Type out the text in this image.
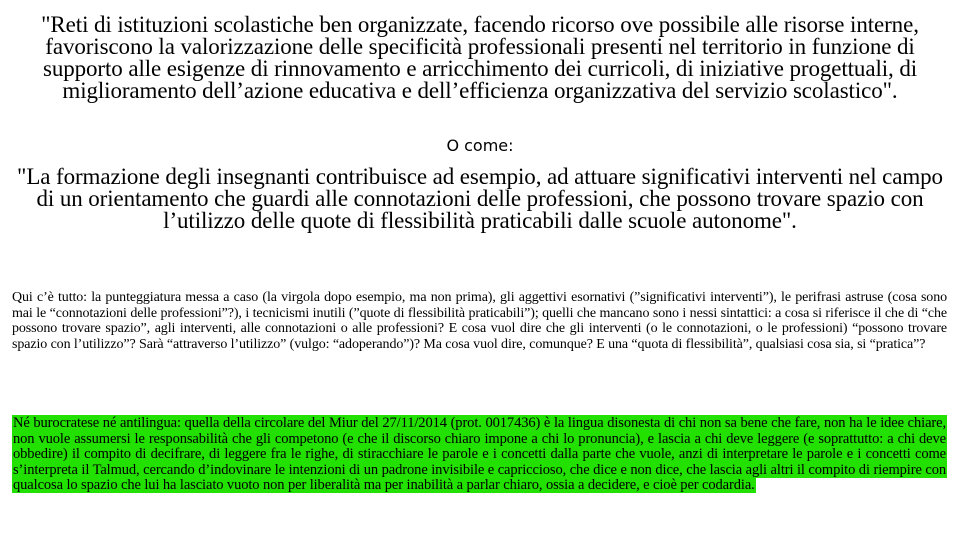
"Reti di istituzioni scolastiche ben organizzate, facendo ricorso ove possibile alle risorse interne, favoriscono la valorizzazione delle specificità professionali presenti nel territorio in funzione di supporto alle esigenze di rinnovamento e arricchimento dei curricoli, di iniziative progettuali, di miglioramento dell’azione educativa e dell’efficienza organizzativa del servizio scolastico".

O come:

"La formazione degli insegnanti contribuisce ad esempio, ad attuare significativi interventi nel campo di un orientamento che guardi alle connotazioni delle professioni, che possono trovare spazio con l’utilizzo delle quote di flessibilità praticabili dalle scuole autonome".

Qui c’è tutto: la punteggiatura messa a caso (la virgola dopo esempio, ma non prima), gli aggettivi esornativi (”significativi interventi”), le perifrasi astruse (cosa sono mai le “connotazioni delle professioni”?), i tecnicismi inutili (”quote di flessibilità praticabili”); quelli che mancano sono i nessi sintattici: a cosa si riferisce il che di “che possono trovare spazio”, agli interventi, alle connotazioni o alle professioni? E cosa vuol dire che gli interventi (o le connotazioni, o le professioni) “possono trovare spazio con l’utilizzo”? Sarà “attraverso l’utilizzo” (vulgo: “adoperando”)? Ma cosa vuol dire, comunque? E una “quota di flessibilità”, qualsiasi cosa sia, si “pratica”?

Né burocratese né antilingua: quella della circolare del Miur del 27/11/2014 (prot. 0017436) è la lingua disonesta di chi non sa bene che fare, non ha le idee chiare, non vuole assumersi le responsabilità che gli competono (e che il discorso chiaro impone a chi lo pronuncia), e lascia a chi deve leggere (e soprattutto: a chi deve obbedire) il compito di decifrare, di leggere fra le righe, di stiracchiare le parole e i concetti dalla parte che vuole, anzi di interpretare le parole e i concetti come s’interpreta il Talmud, cercando d’indovinare le intenzioni di un padrone invisibile e capriccioso, che dice e non dice, che lascia agli altri il compito di riempire con qualcosa lo spazio che lui ha lasciato vuoto non per liberalità ma per inabilità a parlar chiaro, ossia a decidere, e cioè per codardia.
